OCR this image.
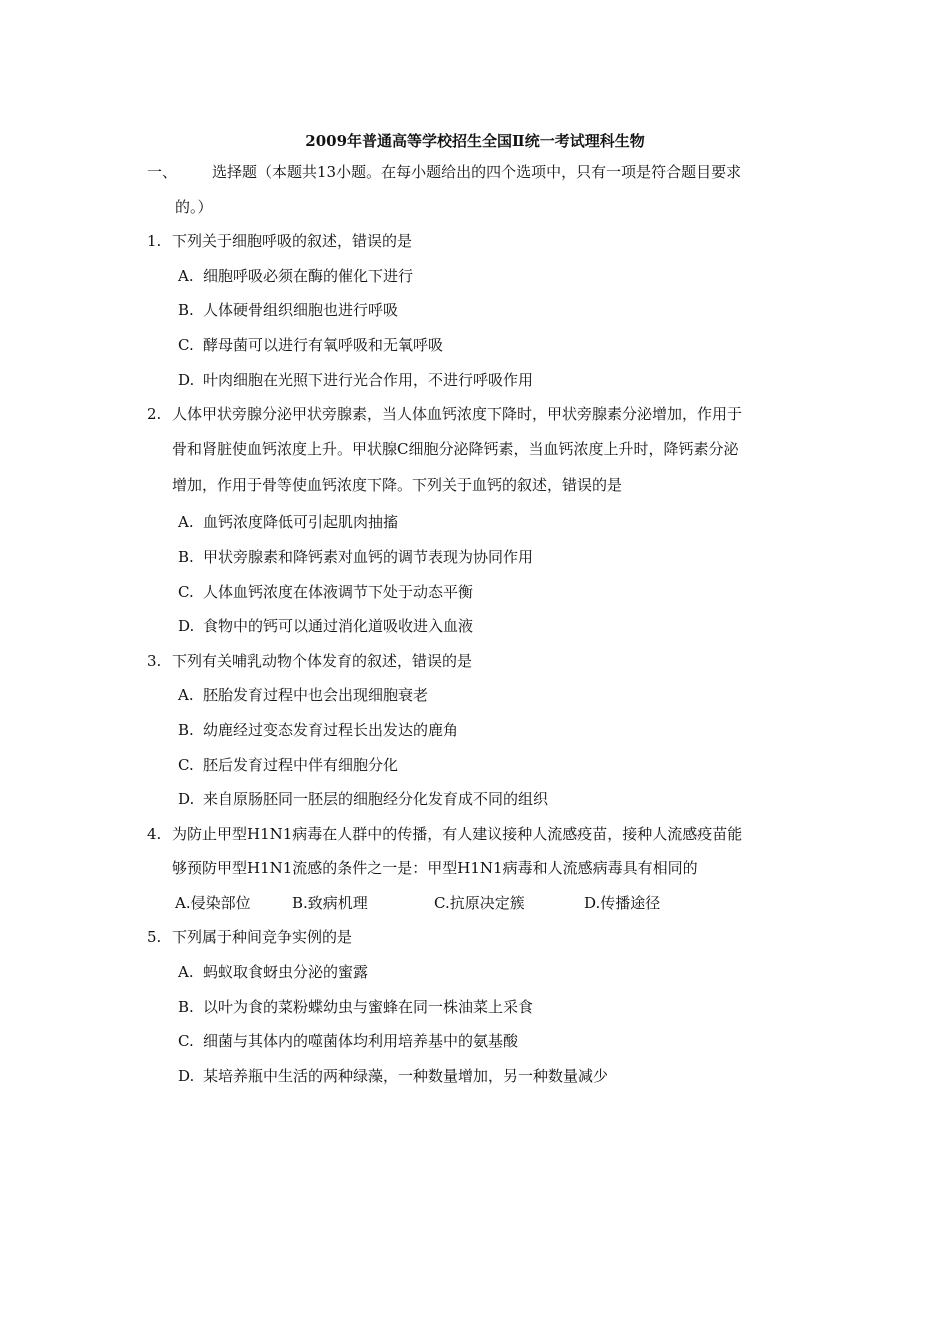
2009年普通高等学校招生全国Ⅱ统一考试理科生物
一、 选择题（本题共13小题。在每小题给出的四个选项中，只有一项是符合题目要求
的。）
1. 下列关于细胞呼吸的叙述，错误的是
A. 细胞呼吸必须在酶的催化下进行
B. 人体硬骨组织细胞也进行呼吸
C. 酵母菌可以进行有氧呼吸和无氧呼吸
D. 叶肉细胞在光照下进行光合作用，不进行呼吸作用
2. 人体甲状旁腺分泌甲状旁腺素，当人体血钙浓度下降时，甲状旁腺素分泌增加，作用于
骨和肾脏使血钙浓度上升。甲状腺C细胞分泌降钙素，当血钙浓度上升时，降钙素分泌
增加，作用于骨等使血钙浓度下降。下列关于血钙的叙述，错误的是
A. 血钙浓度降低可引起肌肉抽搐
B. 甲状旁腺素和降钙素对血钙的调节表现为协同作用
C. 人体血钙浓度在体液调节下处于动态平衡
D. 食物中的钙可以通过消化道吸收进入血液
3. 下列有关哺乳动物个体发育的叙述，错误的是
A. 胚胎发育过程中也会出现细胞衰老
B. 幼鹿经过变态发育过程长出发达的鹿角
C. 胚后发育过程中伴有细胞分化
D. 来自原肠胚同一胚层的细胞经分化发育成不同的组织
4. 为防止甲型H1N1病毒在人群中的传播，有人建议接种人流感疫苗，接种人流感疫苗能
够预防甲型H1N1流感的条件之一是：甲型H1N1病毒和人流感病毒具有相同的
A.侵染部位	B.致病机理	C.抗原决定簇	D.传播途径
5. 下列属于种间竞争实例的是
A. 蚂蚁取食蚜虫分泌的蜜露
B. 以叶为食的菜粉蝶幼虫与蜜蜂在同一株油菜上采食
C. 细菌与其体内的噬菌体均利用培养基中的氨基酸
D. 某培养瓶中生活的两种绿藻，一种数量增加，另一种数量减少
